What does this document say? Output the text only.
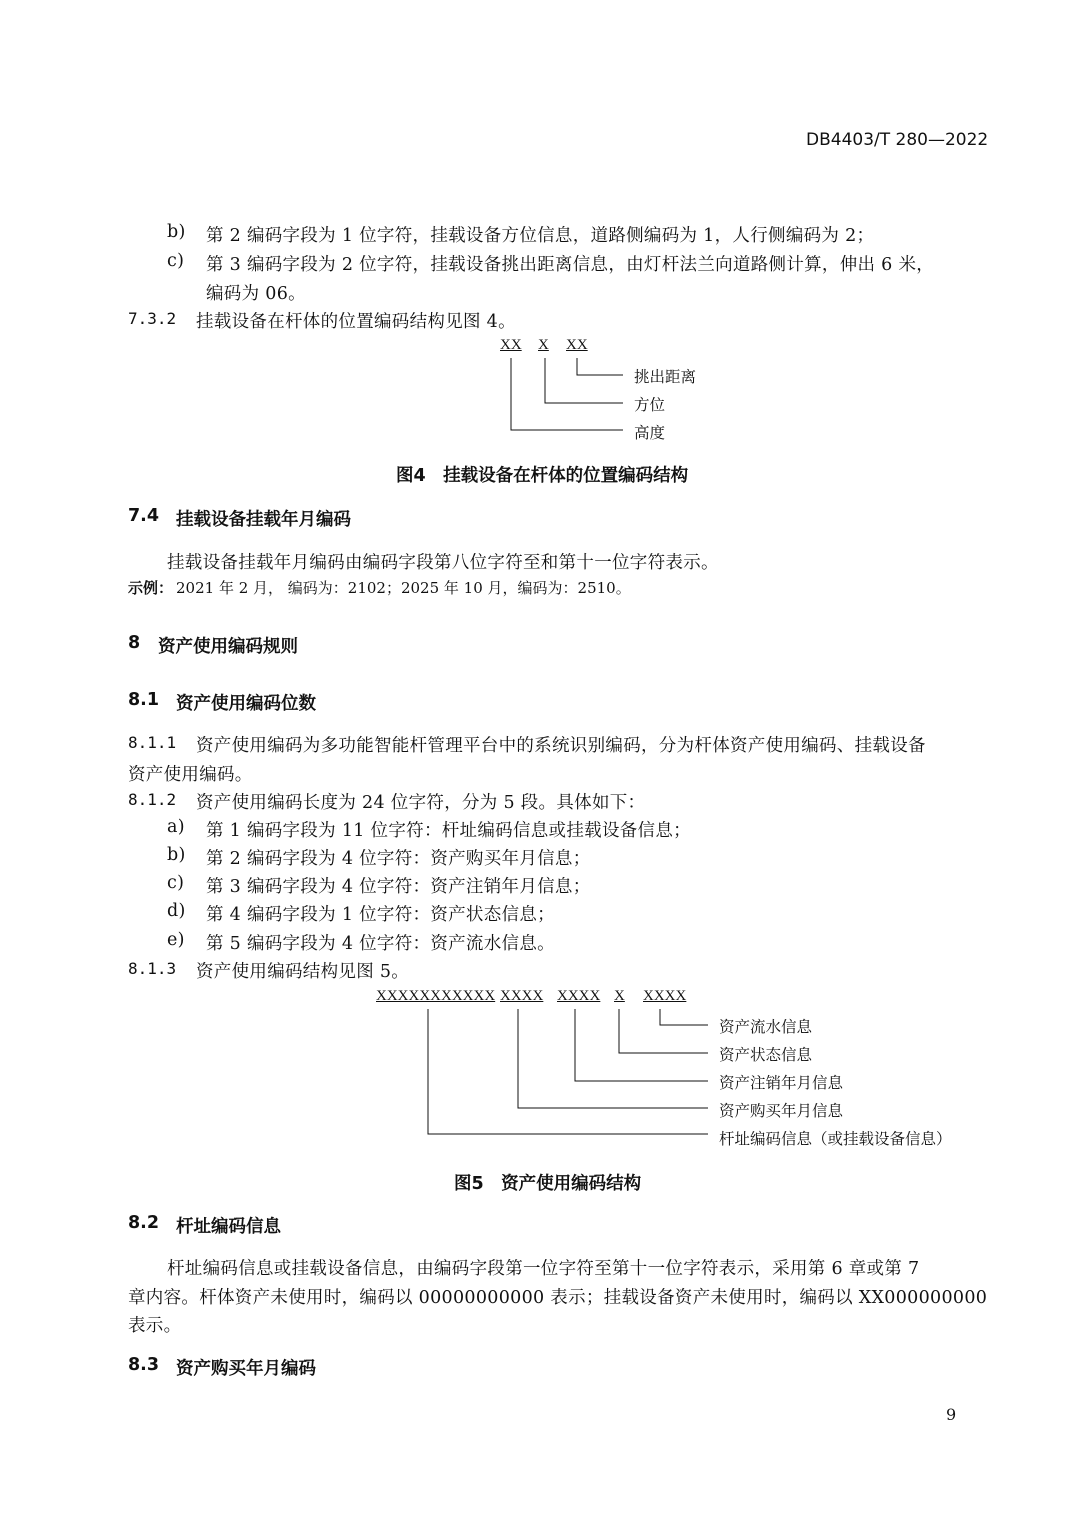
DB4403/T 280—2022
b) 第 2 编码字段为 1 位字符，挂载设备方位信息，道路侧编码为 1，人行侧编码为 2；
c) 第 3 编码字段为 2 位字符，挂载设备挑出距离信息，由灯杆法兰向道路侧计算，伸出 6 米，
编码为 06。
7.3.2 挂载设备在杆体的位置编码结构见图 4。
XX X XX
挑出距离
方位
高度
图4　挂载设备在杆体的位置编码结构
7.4 挂载设备挂载年月编码
挂载设备挂载年月编码由编码字段第八位字符至和第十一位字符表示。
示例： 2021 年 2 月， 编码为：2102；2025 年 10 月，编码为：2510。
8 资产使用编码规则
8.1 资产使用编码位数
8.1.1 资产使用编码为多功能智能杆管理平台中的系统识别编码，分为杆体资产使用编码、挂载设备
资产使用编码。
8.1.2 资产使用编码长度为 24 位字符，分为 5 段。具体如下：
a) 第 1 编码字段为 11 位字符：杆址编码信息或挂载设备信息；
b) 第 2 编码字段为 4 位字符：资产购买年月信息；
c) 第 3 编码字段为 4 位字符：资产注销年月信息；
d) 第 4 编码字段为 1 位字符：资产状态信息；
e) 第 5 编码字段为 4 位字符：资产流水信息。
8.1.3 资产使用编码结构见图 5。
XXXXXXXXXXX XXXX XXXX X XXXX
资产流水信息
资产状态信息
资产注销年月信息
资产购买年月信息
杆址编码信息（或挂载设备信息）
图5　资产使用编码结构
8.2 杆址编码信息
杆址编码信息或挂载设备信息，由编码字段第一位字符至第十一位字符表示，采用第 6 章或第 7
章内容。杆体资产未使用时，编码以 00000000000 表示；挂载设备资产未使用时，编码以 XX000000000
表示。
8.3 资产购买年月编码
9
